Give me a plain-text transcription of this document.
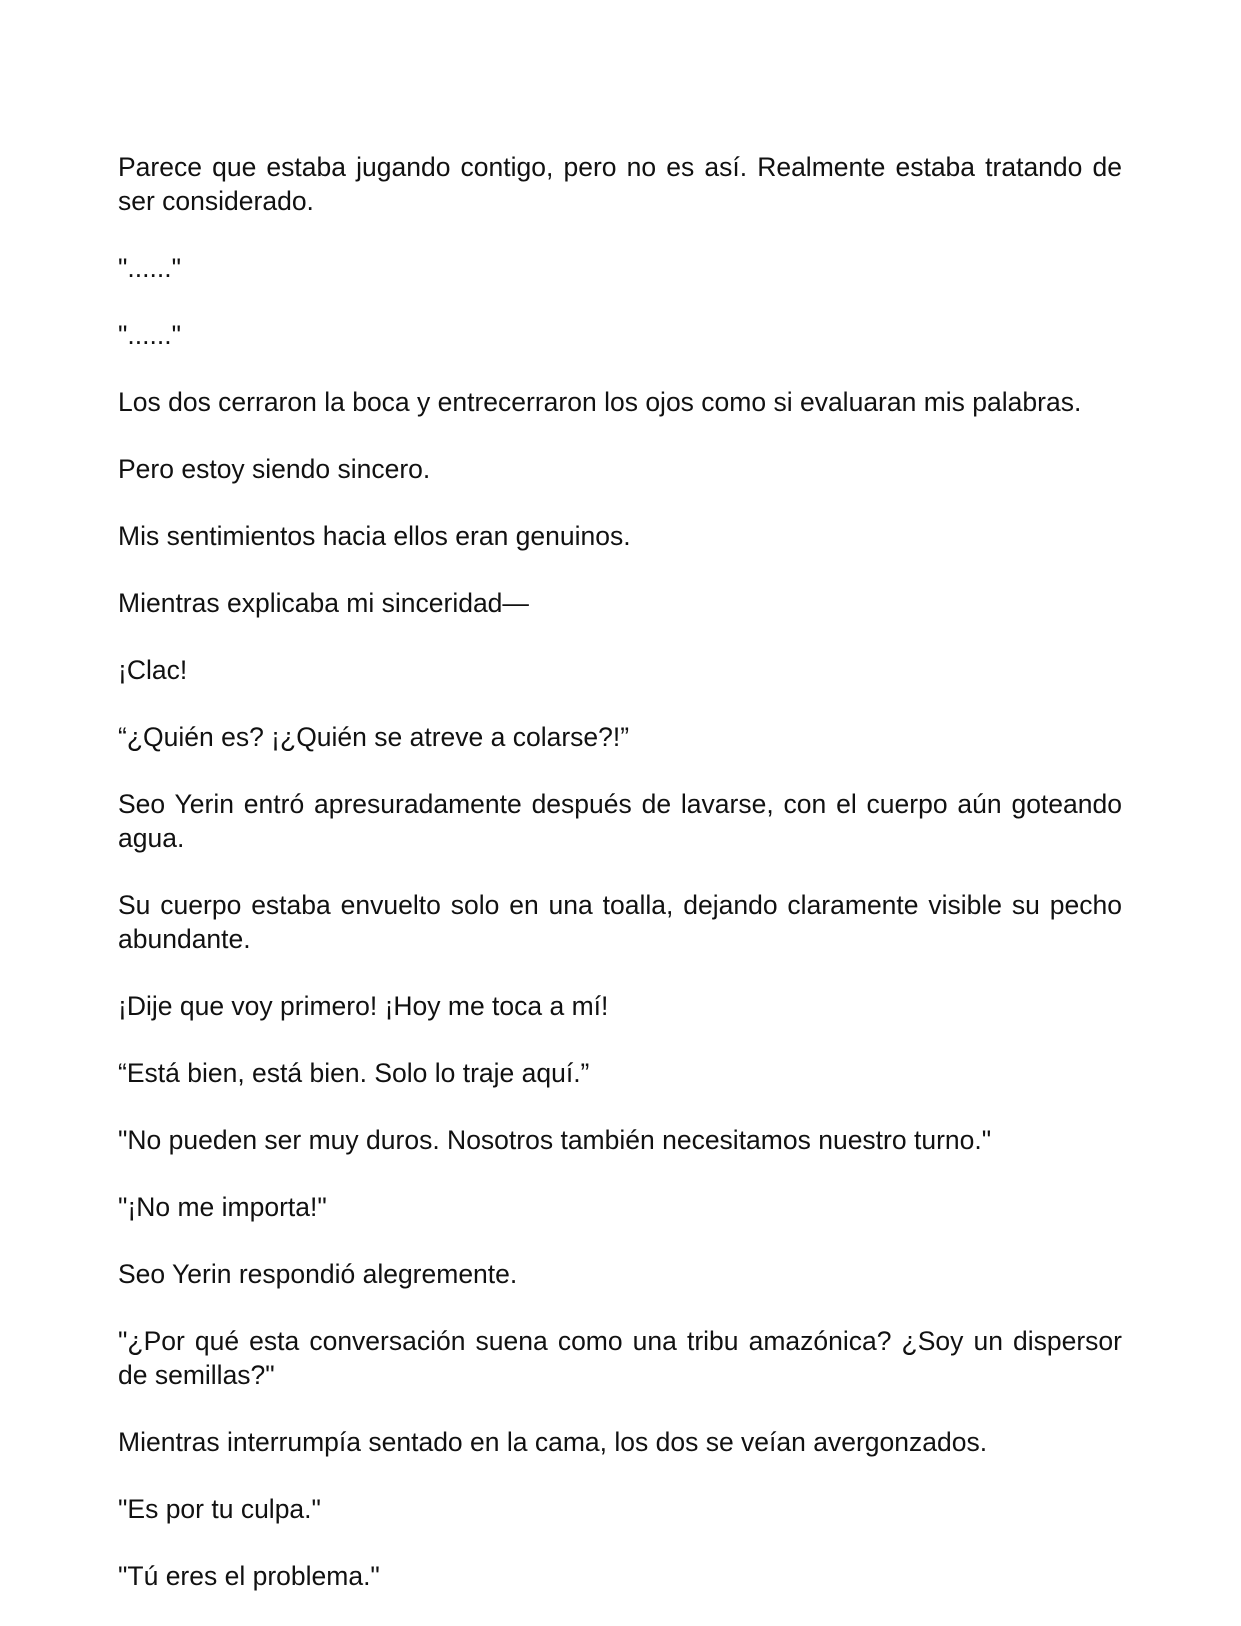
Parece que estaba jugando contigo, pero no es así. Realmente estaba tratando de ser considerado.

"......"

"......"

Los dos cerraron la boca y entrecerraron los ojos como si evaluaran mis palabras.

Pero estoy siendo sincero.

Mis sentimientos hacia ellos eran genuinos.

Mientras explicaba mi sinceridad—

¡Clac!

“¿Quién es? ¡¿Quién se atreve a colarse?!”

Seo Yerin entró apresuradamente después de lavarse, con el cuerpo aún goteando agua.

Su cuerpo estaba envuelto solo en una toalla, dejando claramente visible su pecho abundante.

¡Dije que voy primero! ¡Hoy me toca a mí!

“Está bien, está bien. Solo lo traje aquí.”

"No pueden ser muy duros. Nosotros también necesitamos nuestro turno."

"¡No me importa!"

Seo Yerin respondió alegremente.

"¿Por qué esta conversación suena como una tribu amazónica? ¿Soy un dispersor de semillas?"

Mientras interrumpía sentado en la cama, los dos se veían avergonzados.

"Es por tu culpa."

"Tú eres el problema."
